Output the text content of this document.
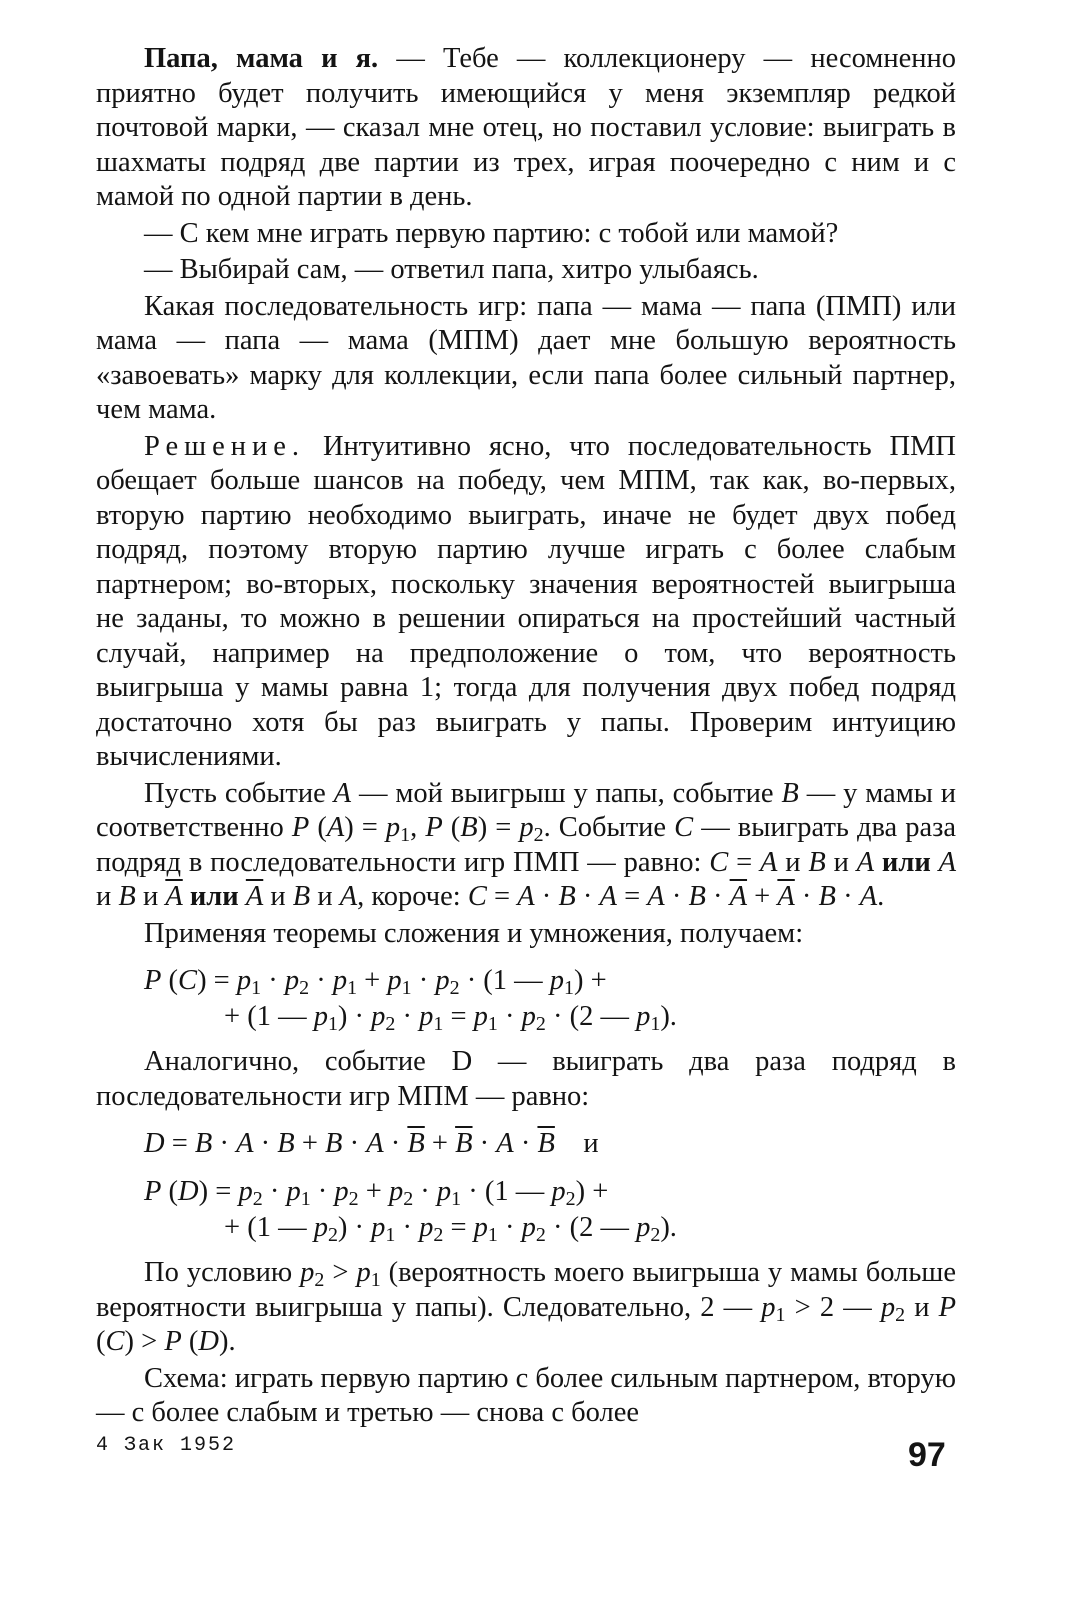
Папа, мама и я. — Тебе — коллекционеру — несомненно приятно будет получить имеющийся у меня экземпляр редкой почтовой марки, — сказал мне отец, но поставил условие: выиграть в шахматы подряд две партии из трех, играя поочередно с ним и с мамой по одной партии в день.

— С кем мне играть первую партию: с тобой или мамой?

— Выбирай сам, — ответил папа, хитро улыбаясь.

Какая последовательность игр: папа — мама — папа (ПМП) или мама — папа — мама (МПМ) дает мне большую вероятность «завоевать» марку для коллекции, если папа более сильный партнер, чем мама.

Решение. Интуитивно ясно, что последовательность ПМП обещает больше шансов на победу, чем МПМ, так как, во-первых, вторую партию необходимо выиграть, иначе не будет двух побед подряд, поэтому вторую партию лучше играть с более слабым партнером; во-вторых, поскольку значения вероятностей выигрыша не заданы, то можно в решении опираться на простейший частный случай, например на предположение о том, что вероятность выигрыша у мамы равна 1; тогда для получения двух побед подряд достаточно хотя бы раз выиграть у папы. Проверим интуицию вычислениями.

Пусть событие A — мой выигрыш у папы, событие B — у мамы и соответственно P $(A) = p_1$, P $(B) = p_2$. Событие C — выиграть два раза подряд в последовательности игр ПМП — равно: C = A и B и A или A и B и $\overline{A}$ или $\overline{A}$ и B и A, короче: $C = A \cdot B \cdot A = A \cdot B \cdot \overline{A} + \overline{A} \cdot B \cdot A$.

Применяя теоремы сложения и умножения, получаем:

P $(C) = p_1 \cdot p_2 \cdot p_1 + p_1 \cdot p_2 \cdot (1$ — $p_1$) +
+ (1 — $p_1) \cdot p_2 \cdot p_1 = p_1 \cdot p_2 \cdot (2$ — $p_1$).

Аналогично, событие D — выиграть два раза подряд в последовательности игр МПМ — равно:

$D = B \cdot A \cdot B + B \cdot A \cdot \overline{B} + \overline{B} \cdot A \cdot \overline{B}$    и
P $(D) = p_2 \cdot p_1 \cdot p_2 + p_2 \cdot p_1 \cdot (1$ — $p_2$) +
+ (1 — $p_2) \cdot p_1 \cdot p_2 = p_1 \cdot p_2 \cdot (2$ — $p_2$).

По условию $p_2 > p_1$ (вероятность моего выигрыша у мамы больше вероятности выигрыша у папы). Следовательно, 2 — $p_1 > 2$ — $p_2$ и P (C) > P (D).

Схема: играть первую партию с более сильным партнером, вторую — с более слабым и третью — снова с более

4 Зак 1952	97
